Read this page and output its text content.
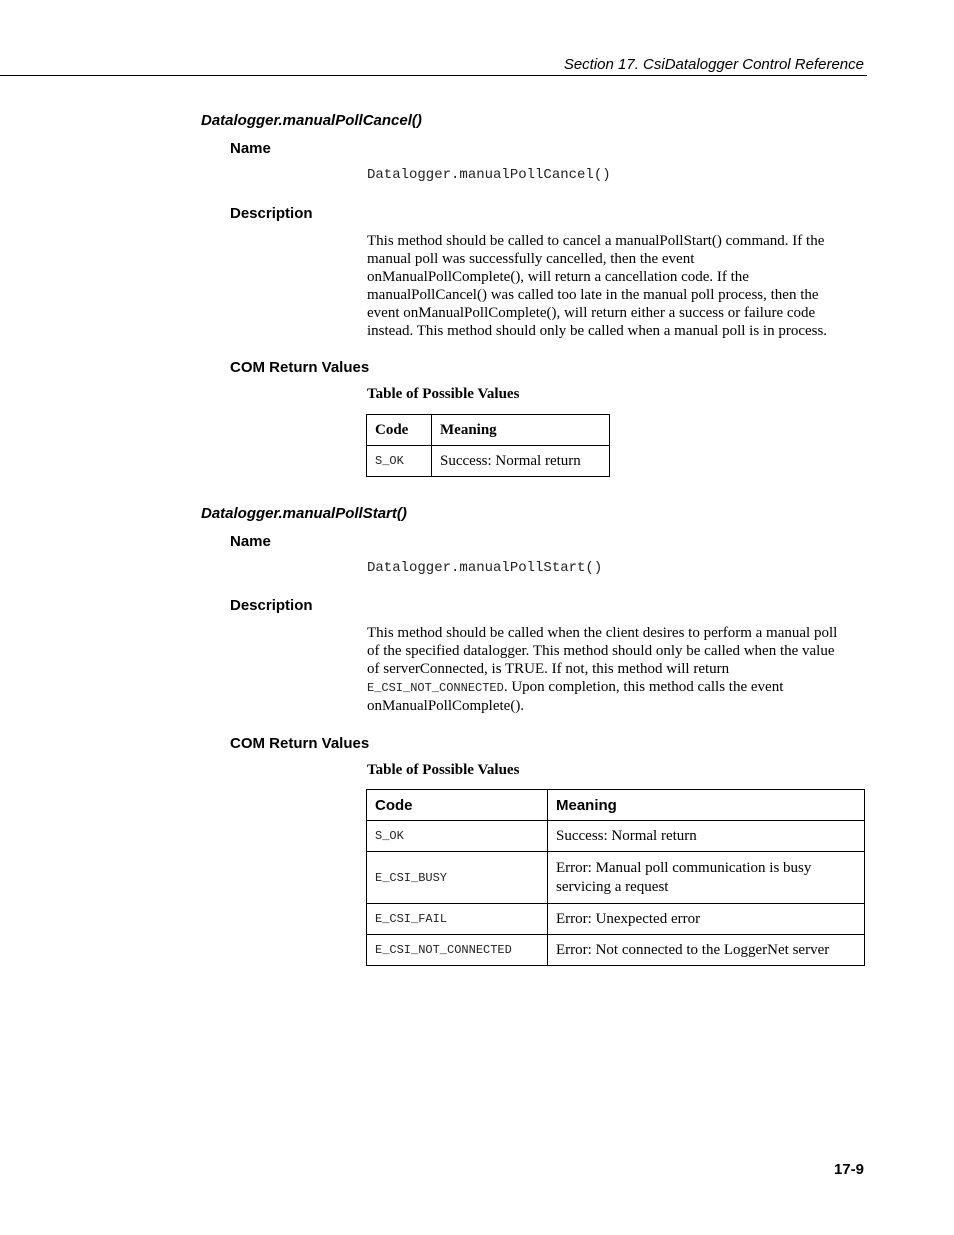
Section 17. CsiDatalogger Control Reference
Datalogger.manualPollCancel()
Name
Datalogger.manualPollCancel()
Description
This method should be called to cancel a manualPollStart() command. If the
manual poll was successfully cancelled, then the event
onManualPollComplete(), will return a cancellation code. If the
manualPollCancel() was called too late in the manual poll process, then the
event onManualPollComplete(), will return either a success or failure code
instead. This method should only be called when a manual poll is in process.
COM Return Values
Table of Possible Values
Code	Meaning
S_OK	Success: Normal return
Datalogger.manualPollStart()
Name
Datalogger.manualPollStart()
Description
This method should be called when the client desires to perform a manual poll
of the specified datalogger. This method should only be called when the value
of serverConnected, is TRUE. If not, this method will return
E_CSI_NOT_CONNECTED. Upon completion, this method calls the event
onManualPollComplete().
COM Return Values
Table of Possible Values
Code	Meaning
S_OK	Success: Normal return
E_CSI_BUSY	Error: Manual poll communication is busy servicing a request
E_CSI_FAIL	Error: Unexpected error
E_CSI_NOT_CONNECTED	Error: Not connected to the LoggerNet server
17-9
